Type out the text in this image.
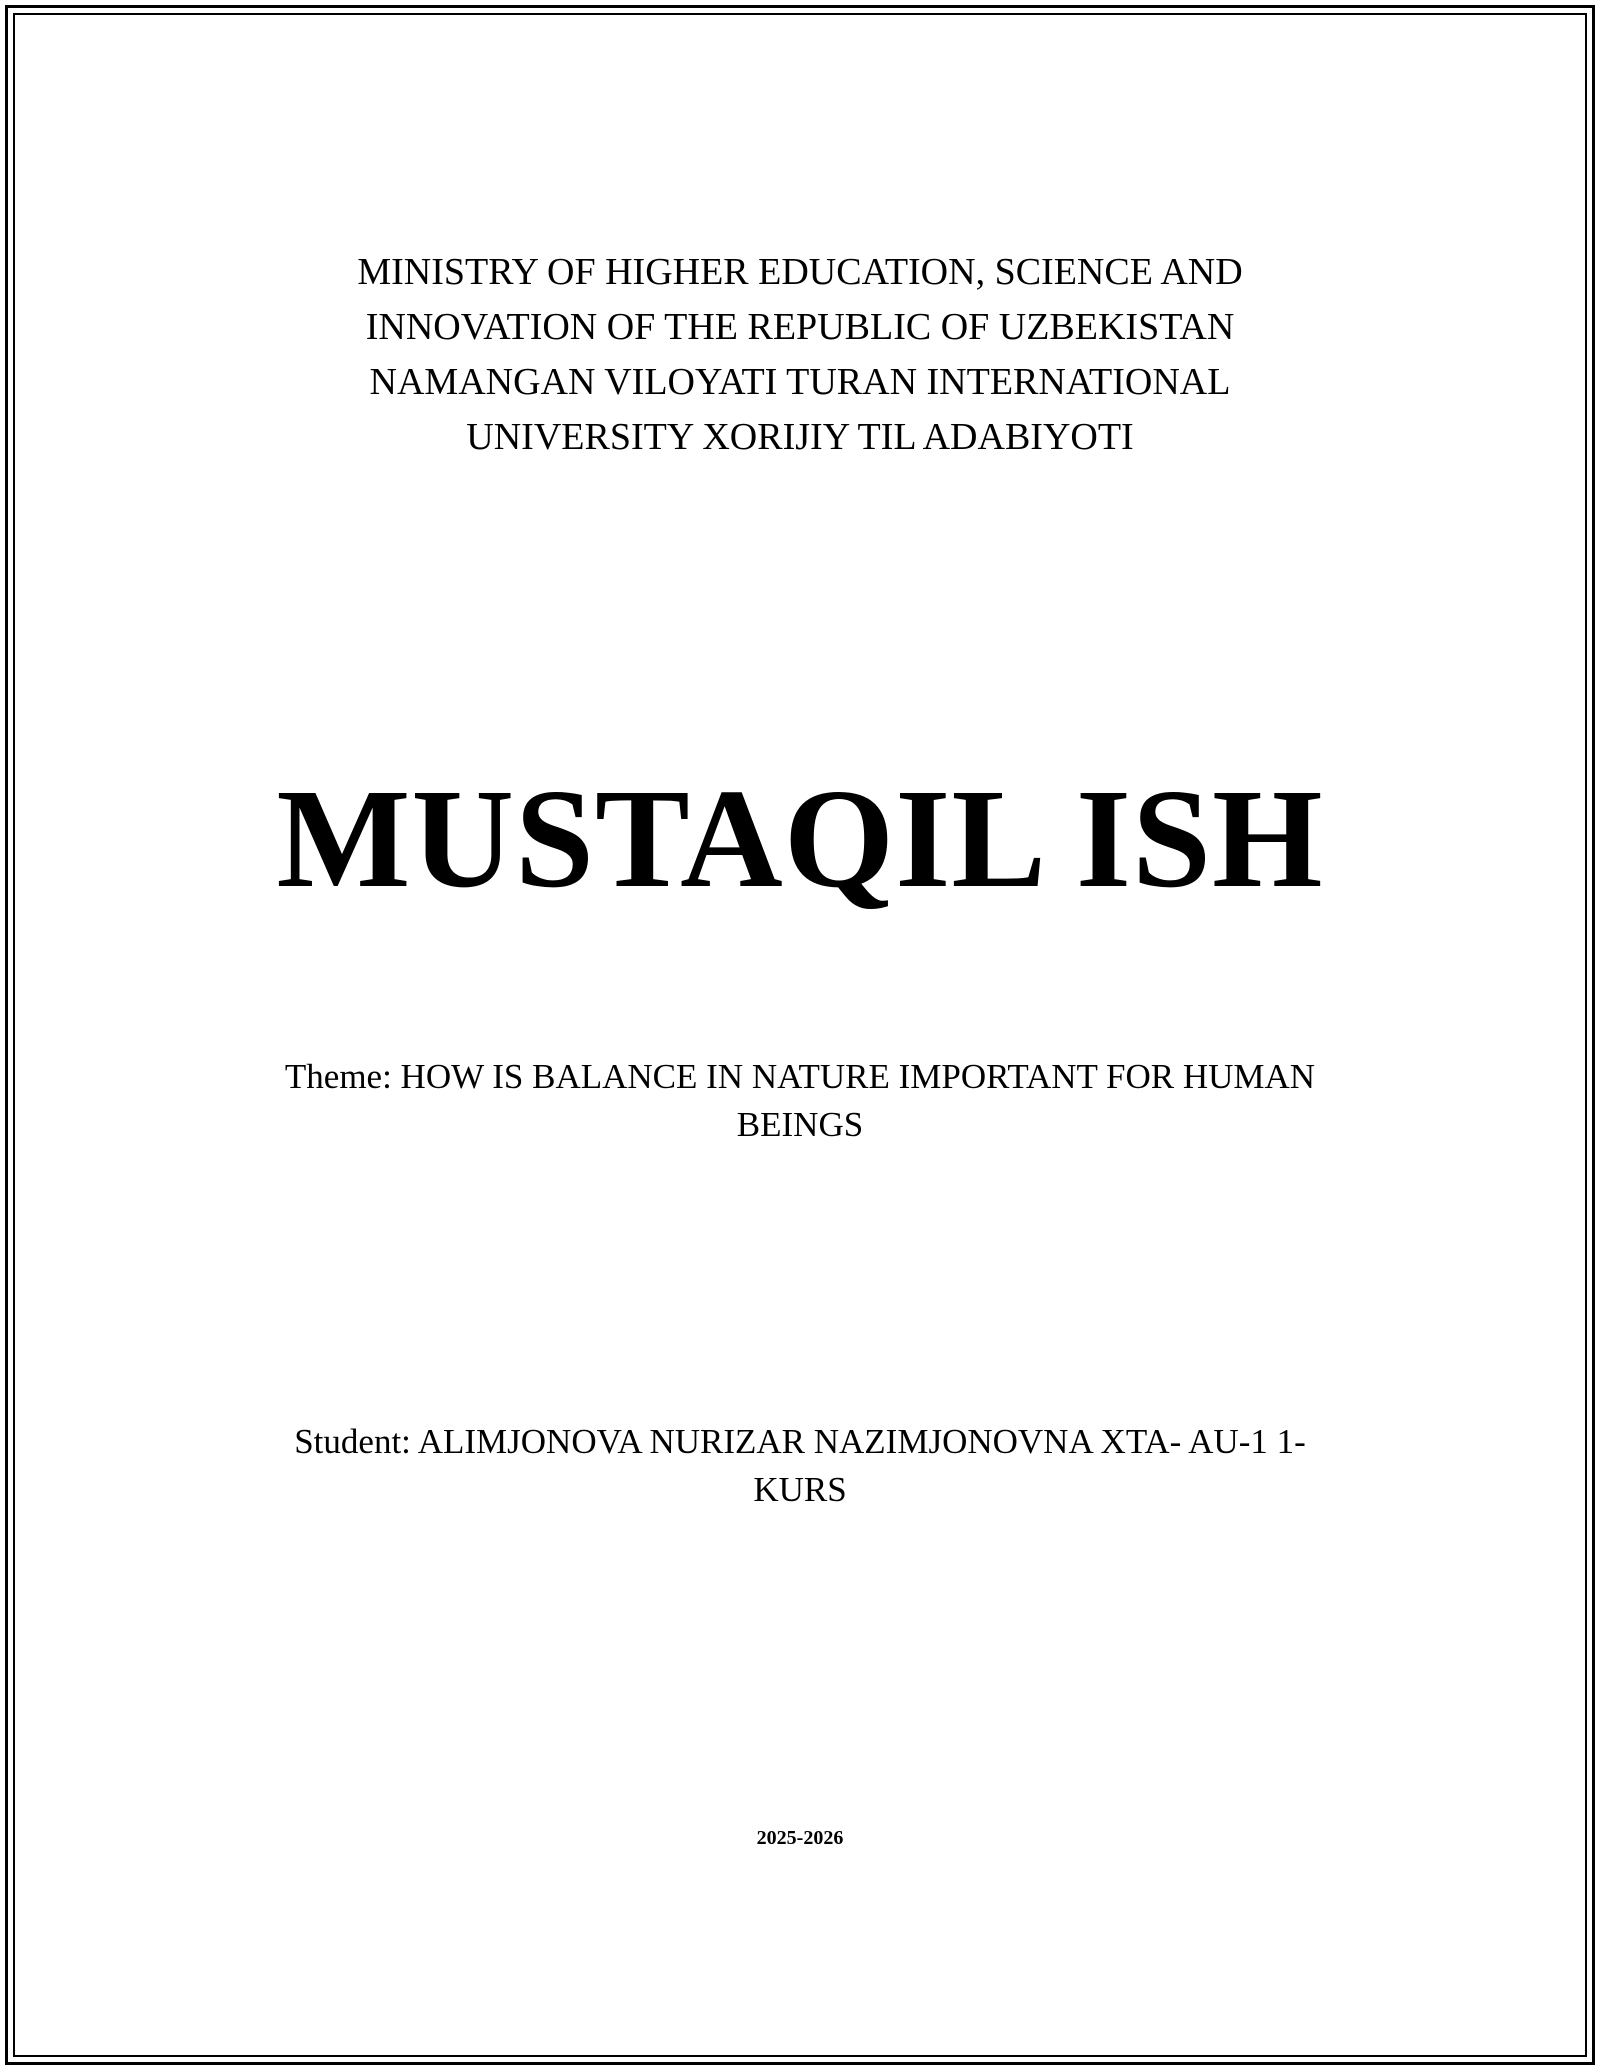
MINISTRY OF HIGHER EDUCATION, SCIENCE AND
INNOVATION OF THE REPUBLIC OF UZBEKISTAN
NAMANGAN VILOYATI TURAN INTERNATIONAL
UNIVERSITY XORIJIY TIL ADABIYOTI
MUSTAQIL ISH
Theme: HOW IS BALANCE IN NATURE IMPORTANT FOR HUMAN
BEINGS
Student: ALIMJONOVA NURIZAR NAZIMJONOVNA XTA- AU-1 1-
KURS
2025-2026
